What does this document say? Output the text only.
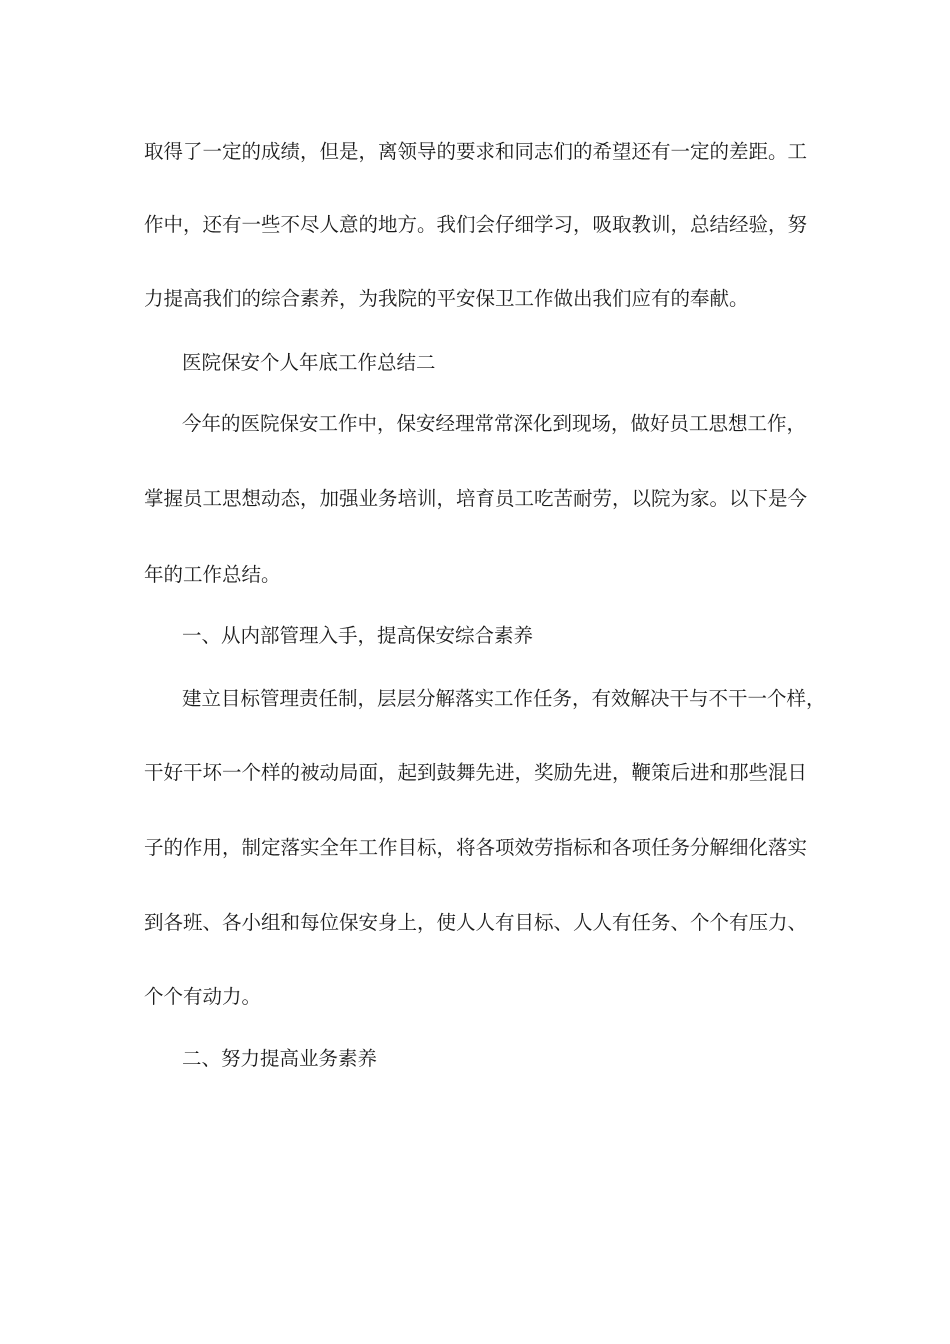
取得了一定的成绩，但是，离领导的要求和同志们的希望还有一定的差距。工
作中，还有一些不尽人意的地方。我们会仔细学习，吸取教训，总结经验，努
力提高我们的综合素养，为我院的平安保卫工作做出我们应有的奉献。
医院保安个人年底工作总结二
今年的医院保安工作中，保安经理常常深化到现场，做好员工思想工作，
掌握员工思想动态，加强业务培训，培育员工吃苦耐劳，以院为家。以下是今
年的工作总结。
一、从内部管理入手，提高保安综合素养
建立目标管理责任制，层层分解落实工作任务，有效解决干与不干一个样，
干好干坏一个样的被动局面，起到鼓舞先进，奖励先进，鞭策后进和那些混日
子的作用，制定落实全年工作目标，将各项效劳指标和各项任务分解细化落实
到各班、各小组和每位保安身上，使人人有目标、人人有任务、个个有压力、
个个有动力。
二、努力提高业务素养
